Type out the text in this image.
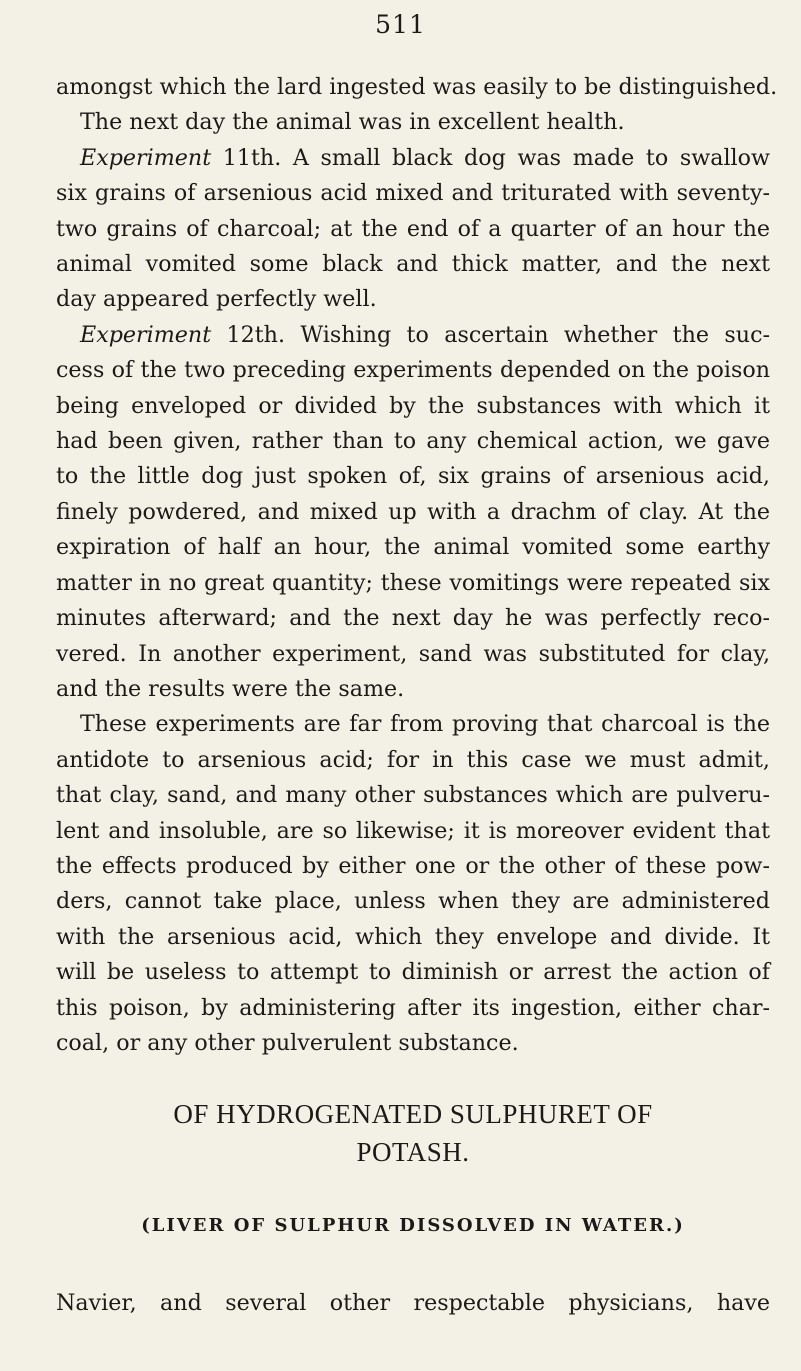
511
amongst which the lard ingested was easily to be distinguished.
The next day the animal was in excellent health.
Experiment 11th. A small black dog was made to swallow
six grains of arsenious acid mixed and triturated with seventy-
two grains of charcoal; at the end of a quarter of an hour the
animal vomited some black and thick matter, and the next
day appeared perfectly well.
Experiment 12th. Wishing to ascertain whether the suc-
cess of the two preceding experiments depended on the poison
being enveloped or divided by the substances with which it
had been given, rather than to any chemical action, we gave
to the little dog just spoken of, six grains of arsenious acid,
finely powdered, and mixed up with a drachm of clay. At the
expiration of half an hour, the animal vomited some earthy
matter in no great quantity; these vomitings were repeated six
minutes afterward; and the next day he was perfectly reco-
vered. In another experiment, sand was substituted for clay,
and the results were the same.
These experiments are far from proving that charcoal is the
antidote to arsenious acid; for in this case we must admit,
that clay, sand, and many other substances which are pulveru-
lent and insoluble, are so likewise; it is moreover evident that
the effects produced by either one or the other of these pow-
ders, cannot take place, unless when they are administered
with the arsenious acid, which they envelope and divide. It
will be useless to attempt to diminish or arrest the action of
this poison, by administering after its ingestion, either char-
coal, or any other pulverulent substance.
OF HYDROGENATED SULPHURET OF
POTASH.
(LIVER OF SULPHUR DISSOLVED IN WATER.)
Navier, and several other respectable physicians, have
